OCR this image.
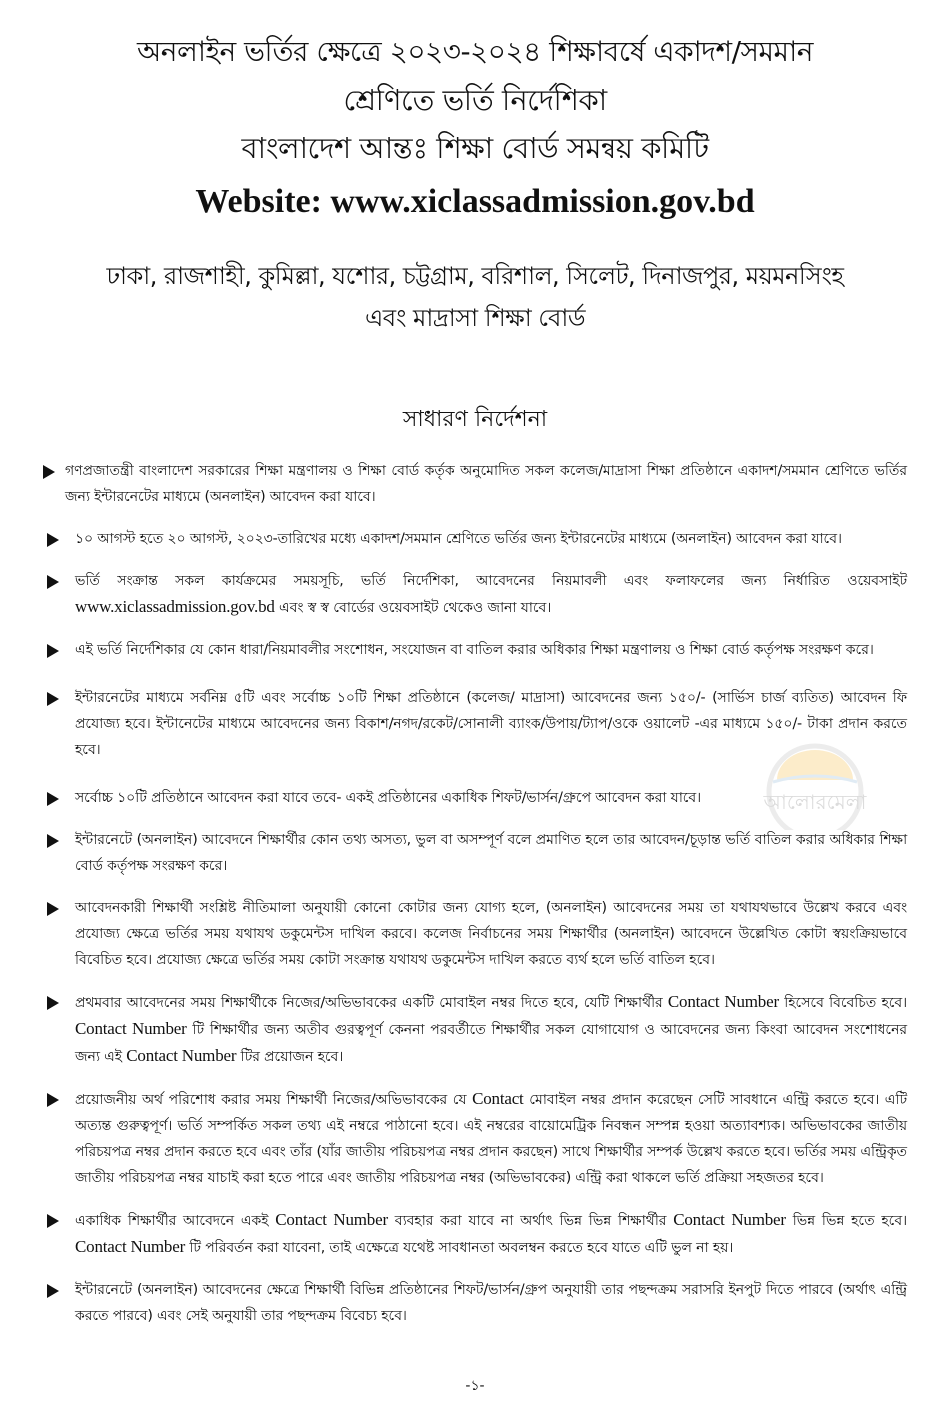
অনলাইন ভর্তির ক্ষেত্রে ২০২৩-২০২৪ শিক্ষাবর্ষে একাদশ/সমমান
শ্রেণিতে ভর্তি নির্দেশিকা
বাংলাদেশ আন্তঃ শিক্ষা বোর্ড সমন্বয় কমিটি
Website: www.xiclassadmission.gov.bd
ঢাকা, রাজশাহী, কুমিল্লা, যশোর, চট্টগ্রাম, বরিশাল, সিলেট, দিনাজপুর, ময়মনসিংহ
এবং মাদ্রাসা শিক্ষা বোর্ড
সাধারণ নির্দেশনা
গণপ্রজাতন্ত্রী বাংলাদেশ সরকারের শিক্ষা মন্ত্রণালয় ও শিক্ষা বোর্ড কর্তৃক অনুমোদিত সকল কলেজ/মাদ্রাসা শিক্ষা প্রতিষ্ঠানে একাদশ/সমমান শ্রেণিতে ভর্তির জন্য ইন্টারনেটের মাধ্যমে (অনলাইন) আবেদন করা যাবে।
১০ আগস্ট হতে ২০ আগস্ট, ২০২৩-তারিখের মধ্যে একাদশ/সমমান শ্রেণিতে ভর্তির জন্য ইন্টারনেটের মাধ্যমে (অনলাইন) আবেদন করা যাবে।
ভর্তি সংক্রান্ত সকল কার্যক্রমের সময়সূচি, ভর্তি নির্দেশিকা, আবেদনের নিয়মাবলী এবং ফলাফলের জন্য নির্ধারিত ওয়েবসাইট www.xiclassadmission.gov.bd এবং স্ব স্ব বোর্ডের ওয়েবসাইট থেকেও জানা যাবে।
এই ভর্তি নির্দেশিকার যে কোন ধারা/নিয়মাবলীর সংশোধন, সংযোজন বা বাতিল করার অধিকার শিক্ষা মন্ত্রণালয় ও শিক্ষা বোর্ড কর্তৃপক্ষ সংরক্ষণ করে।
ইন্টারনেটের মাধ্যমে সর্বনিম্ন ৫টি এবং সর্বোচ্চ ১০টি শিক্ষা প্রতিষ্ঠানে (কলেজ/ মাদ্রাসা) আবেদনের জন্য ১৫০/- (সার্ভিস চার্জ ব্যতিত) আবেদন ফি প্রযোজ্য হবে। ইন্টানেটের মাধ্যমে আবেদনের জন্য বিকাশ/নগদ/রকেট/সোনালী ব্যাংক/উপায়/ট্যাপ/ওকে ওয়ালেট -এর মাধ্যমে ১৫০/- টাকা প্রদান করতে হবে।
সর্বোচ্চ ১০টি প্রতিষ্ঠানে আবেদন করা যাবে তবে- একই প্রতিষ্ঠানের একাধিক শিফট/ভার্সন/গ্রুপে আবেদন করা যাবে।
ইন্টারনেটে (অনলাইন) আবেদনে শিক্ষার্থীর কোন তথ্য অসত্য, ভুল বা অসম্পূর্ণ বলে প্রমাণিত হলে তার আবেদন/চূড়ান্ত ভর্তি বাতিল করার অধিকার শিক্ষা বোর্ড কর্তৃপক্ষ সংরক্ষণ করে।
আবেদনকারী শিক্ষার্থী সংশ্লিষ্ট নীতিমালা অনুযায়ী কোনো কোটার জন্য যোগ্য হলে, (অনলাইন) আবেদনের সময় তা যথাযথভাবে উল্লেখ করবে এবং প্রযোজ্য ক্ষেত্রে ভর্তির সময় যথাযথ ডকুমেন্টস দাখিল করবে। কলেজ নির্বাচনের সময় শিক্ষার্থীর (অনলাইন) আবেদনে উল্লেখিত কোটা স্বয়ংক্রিয়ভাবে বিবেচিত হবে। প্রযোজ্য ক্ষেত্রে ভর্তির সময় কোটা সংক্রান্ত যথাযথ ডকুমেন্টস দাখিল করতে ব্যর্থ হলে ভর্তি বাতিল হবে।
প্রথমবার আবেদনের সময় শিক্ষার্থীকে নিজের/অভিভাবকের একটি মোবাইল নম্বর দিতে হবে, যেটি শিক্ষার্থীর Contact Number হিসেবে বিবেচিত হবে। Contact Number টি শিক্ষার্থীর জন্য অতীব গুরত্বপূর্ণ কেননা পরবর্তীতে শিক্ষার্থীর সকল যোগাযোগ ও আবেদনের জন্য কিংবা আবেদন সংশোধনের জন্য এই Contact Number টির প্রয়োজন হবে।
প্রয়োজনীয় অর্থ পরিশোধ করার সময় শিক্ষার্থী নিজের/অভিভাবকের যে Contact মোবাইল নম্বর প্রদান করেছেন সেটি সাবধানে এন্ট্রি করতে হবে। এটি অত্যন্ত গুরুত্বপূর্ণ। ভর্তি সম্পর্কিত সকল তথ্য এই নম্বরে পাঠানো হবে। এই নম্বরের বায়োমেট্রিক নিবন্ধন সম্পন্ন হওয়া অত্যাবশ্যক। অভিভাবকের জাতীয় পরিচয়পত্র নম্বর প্রদান করতে হবে এবং তাঁর (যাঁর জাতীয় পরিচয়পত্র নম্বর প্রদান করছেন) সাথে শিক্ষার্থীর সম্পর্ক উল্লেখ করতে হবে। ভর্তির সময় এন্ট্রিকৃত জাতীয় পরিচয়পত্র নম্বর যাচাই করা হতে পারে এবং জাতীয় পরিচয়পত্র নম্বর (অভিভাবকের) এন্ট্রি করা থাকলে ভর্তি প্রক্রিয়া সহজতর হবে।
একাধিক শিক্ষার্থীর আবেদনে একই Contact Number ব্যবহার করা যাবে না অর্থাৎ ভিন্ন ভিন্ন শিক্ষার্থীর Contact Number ভিন্ন ভিন্ন হতে হবে। Contact Number টি পরিবর্তন করা যাবেনা, তাই এক্ষেত্রে যথেষ্ট সাবধানতা অবলম্বন করতে হবে যাতে এটি ভুল না হয়।
ইন্টারনেটে (অনলাইন) আবেদনের ক্ষেত্রে শিক্ষার্থী বিভিন্ন প্রতিষ্ঠানের শিফট/ভার্সন/গ্রুপ অনুযায়ী তার পছন্দক্রম সরাসরি ইনপুট দিতে পারবে (অর্থাৎ এন্ট্রি করতে পারবে) এবং সেই অনুযায়ী তার পছন্দক্রম বিবেচ্য হবে।
আলোরমেলা
-১-
